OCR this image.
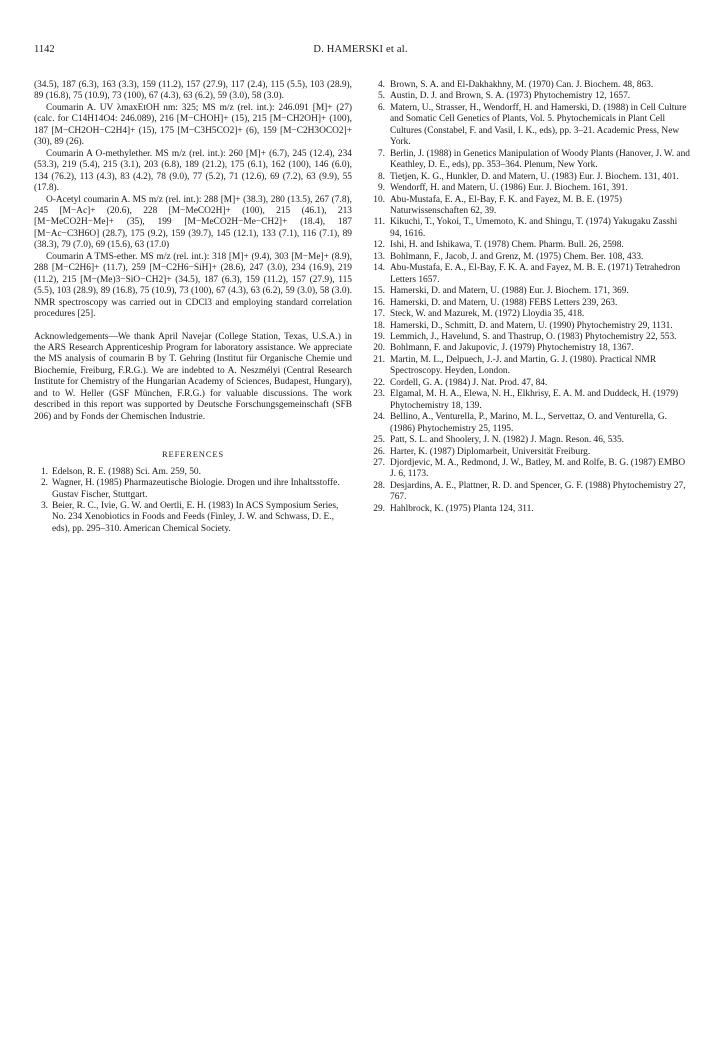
1142	D. HAMERSKI et al.

(34.5), 187 (6.3), 163 (3.3), 159 (11.2), 157 (27.9), 117 (2.4), 115 (5.5), 103 (28.9), 89 (16.8), 75 (10.9), 73 (100), 67 (4.3), 63 (6.2), 59 (3.0), 58 (3.0).

Coumarin A. UV λmaxEtOH nm: 325; MS m/z (rel. int.): 246.091 [M]+ (27) (calc. for C14H14O4: 246.089), 216 [M−CHOH]+ (15), 215 [M−CH2OH]+ (100), 187 [M−CH2OH−C2H4]+ (15), 175 [M−C3H5CO2]+ (6), 159 [M−C2H3OCO2]+ (30), 89 (26).

Coumarin A O-methylether. MS m/z (rel. int.): 260 [M]+ (6.7), 245 (12.4), 234 (53.3), 219 (5.4), 215 (3.1), 203 (6.8), 189 (21.2), 175 (6.1), 162 (100), 146 (6.0), 134 (76.2), 113 (4.3), 83 (4.2), 78 (9.0), 77 (5.2), 71 (12.6), 69 (7.2), 63 (9.9), 55 (17.8).

O-Acetyl coumarin A. MS m/z (rel. int.): 288 [M]+ (38.3), 280 (13.5), 267 (7.8), 245 [M−Ac]+ (20.6), 228 [M−MeCO2H]+ (100), 215 (46.1), 213 [M−MeCO2H−Me]+ (35), 199 [M−MeCO2H−Me−CH2]+ (18.4), 187 [M−Ac−C3H6O] (28.7), 175 (9.2), 159 (39.7), 145 (12.1), 133 (7.1), 116 (7.1), 89 (38.3), 79 (7.0), 69 (15.6), 63 (17.0)

Coumarin A TMS-ether. MS m/z (rel. int.): 318 [M]+ (9.4), 303 [M−Me]+ (8.9), 288 [M−C2H6]+ (11.7), 259 [M−C2H6−SiH]+ (28.6), 247 (3.0), 234 (16.9), 219 (11.2), 215 [M−(Me)3−SiO−CH2]+ (34.5), 187 (6.3), 159 (11.2), 157 (27.9), 115 (5.5), 103 (28.9), 89 (16.8), 75 (10.9), 73 (100), 67 (4.3), 63 (6.2), 59 (3.0), 58 (3.0). NMR spectroscopy was carried out in CDCl3 and employing standard correlation procedures [25].

Acknowledgements—We thank April Navejar (College Station, Texas, U.S.A.) in the ARS Research Apprenticeship Program for laboratory assistance. We appreciate the MS analysis of coumarin B by T. Gehring (Institut für Organische Chemie und Biochemie, Freiburg, F.R.G.). We are indebted to A. Neszmélyi (Central Research Institute for Chemistry of the Hungarian Academy of Sciences, Budapest, Hungary), and to W. Heller (GSF München, F.R.G.) for valuable discussions. The work described in this report was supported by Deutsche Forschungsgemeinschaft (SFB 206) and by Fonds der Chemischen Industrie.

REFERENCES

1. Edelson, R. E. (1988) Sci. Am. 259, 50.

2. Wagner, H. (1985) Pharmazeutische Biologie. Drogen und ihre Inhaltsstoffe. Gustav Fischer, Stuttgart.

3. Beier, R. C., Ivie, G. W. and Oertli, E. H. (1983) In ACS Symposium Series, No. 234 Xenobiotics in Foods and Feeds (Finley, J. W. and Schwass, D. E., eds), pp. 295–310. American Chemical Society.

4. Brown, S. A. and El-Dakhakhny, M. (1970) Can. J. Biochem. 48, 863.

5. Austin, D. J. and Brown, S. A. (1973) Phytochemistry 12, 1657.

6. Matern, U., Strasser, H., Wendorff, H. and Hamerski, D. (1988) in Cell Culture and Somatic Cell Genetics of Plants, Vol. 5. Phytochemicals in Plant Cell Cultures (Constabel, F. and Vasil, I. K., eds), pp. 3–21. Academic Press, New York.

7. Berlin, J. (1988) in Genetics Manipulation of Woody Plants (Hanover, J. W. and Keathley, D. E., eds), pp. 353–364. Plenum, New York.

8. Tietjen, K. G., Hunkler, D. and Matern, U. (1983) Eur. J. Biochem. 131, 401.

9. Wendorff, H. and Matern, U. (1986) Eur. J. Biochem. 161, 391.

10. Abu-Mustafa, E. A., El-Bay, F. K. and Fayez, M. B. E. (1975) Naturwissenschaften 62, 39.

11. Kikuchi, T., Yokoi, T., Umemoto, K. and Shingu, T. (1974) Yakugaku Zasshi 94, 1616.

12. Ishi, H. and Ishikawa, T. (1978) Chem. Pharm. Bull. 26, 2598.

13. Bohlmann, F., Jacob, J. and Grenz, M. (1975) Chem. Ber. 108, 433.

14. Abu-Mustafa, E. A., El-Bay, F. K. A. and Fayez, M. B. E. (1971) Tetrahedron Letters 1657.

15. Hamerski, D. and Matern, U. (1988) Eur. J. Biochem. 171, 369.

16. Hamerski, D. and Matern, U. (1988) FEBS Letters 239, 263.

17. Steck, W. and Mazurek, M. (1972) Lloydia 35, 418.

18. Hamerski, D., Schmitt, D. and Matern, U. (1990) Phytochemistry 29, 1131.

19. Lemmich, J., Havelund, S. and Thastrup, O. (1983) Phytochemistry 22, 553.

20. Bohlmann, F. and Jakupovic, J. (1979) Phytochemistry 18, 1367.

21. Martin, M. L., Delpuech, J.-J. and Martin, G. J. (1980). Practical NMR Spectroscopy. Heyden, London.

22. Cordell, G. A. (1984) J. Nat. Prod. 47, 84.

23. Elgamal, M. H. A., Elewa, N. H., Elkhrisy, E. A. M. and Duddeck, H. (1979) Phytochemistry 18, 139.

24. Bellino, A., Venturella, P., Marino, M. L., Servettaz, O. and Venturella, G. (1986) Phytochemistry 25, 1195.

25. Patt, S. L. and Shoolery, J. N. (1982) J. Magn. Reson. 46, 535.

26. Harter, K. (1987) Diplomarbeit, Universität Freiburg.

27. Djordjevic, M. A., Redmond, J. W., Batley, M. and Rolfe, B. G. (1987) EMBO J. 6, 1173.

28. Desjardins, A. E., Plattner, R. D. and Spencer, G. F. (1988) Phytochemistry 27, 767.

29. Hahlbrock, K. (1975) Planta 124, 311.
